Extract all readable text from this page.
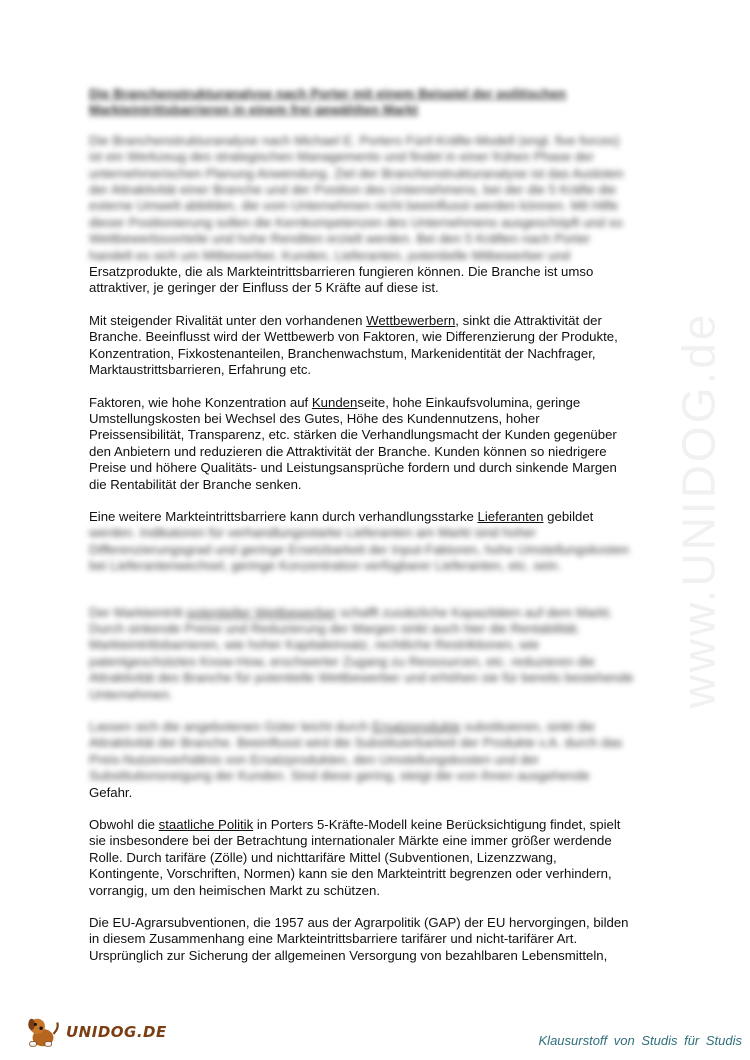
www.UNIDOG.de
Die Branchenstrukturanalyse nach Porter mit einem Beispiel der politischen Markteintrittsbarrieren in einem frei gewählten Markt
Die Branchenstrukturanalyse nach Michael E. Porters Fünf-Kräfte-Modell (engl. five forces) ist ein Werkzeug des strategischen Managements und findet in einer frühen Phase der unternehmerischen Planung Anwendung. Ziel der Branchenstrukturanalyse ist das Ausloten der Attraktivität einer Branche und der Position des Unternehmens, bei der die 5 Kräfte die externe Umwelt abbilden, die vom Unternehmen nicht beeinflusst werden können. Mit Hilfe dieser Positionierung sollen die Kernkompetenzen des Unternehmens ausgeschöpft und so Wettbewerbsvorteile und hohe Renditen erzielt werden. Bei den 5 Kräften nach Porter handelt es sich um Mitbewerber, Kunden, Lieferanten, potentielle Mitbewerber und
Ersatzprodukte, die als Markteintrittsbarrieren fungieren können. Die Branche ist umso attraktiver, je geringer der Einfluss der 5 Kräfte auf diese ist.
Mit steigender Rivalität unter den vorhandenen Wettbewerbern, sinkt die Attraktivität der Branche. Beeinflusst wird der Wettbewerb von Faktoren, wie Differenzierung der Produkte, Konzentration, Fixkostenanteilen, Branchenwachstum, Markenidentität der Nachfrager, Marktaustrittsbarrieren, Erfahrung etc.
Faktoren, wie hohe Konzentration auf Kundenseite, hohe Einkaufsvolumina, geringe Umstellungskosten bei Wechsel des Gutes, Höhe des Kundennutzens, hoher Preissensibilität, Transparenz, etc. stärken die Verhandlungsmacht der Kunden gegenüber den Anbietern und reduzieren die Attraktivität der Branche. Kunden können so niedrigere Preise und höhere Qualitäts- und Leistungsansprüche fordern und durch sinkende Margen die Rentabilität der Branche senken.
Eine weitere Markteintrittsbarriere kann durch verhandlungsstarke Lieferanten gebildet
werden. Indikatoren für verhandlungsstarke Lieferanten am Markt sind hoher Differenzierungsgrad und geringe Ersetzbarkeit der Input-Faktoren, hohe Umstellungskosten bei Lieferantenwechsel, geringe Konzentration verfügbarer Lieferanten, etc. sein.
Der Markteintritt potentieller Wettbewerber schafft zusätzliche Kapazitäten auf dem Markt. Durch sinkende Preise und Reduzierung der Margen sinkt auch hier die Rentabilität. Markteintrittsbarrieren, wie hoher Kapitaleinsatz, rechtliche Restriktionen, wie patentgeschütztes Know-How, erschwerter Zugang zu Ressourcen, etc. reduzieren die Attraktivität des Branche für potentielle Wettbewerber und erhöhen sie für bereits bestehende Unternehmen.
Lassen sich die angebotenen Güter leicht durch Ersatzprodukte substituieren, sinkt die Attraktivität der Branche. Beeinflusst wird die Substituierbarkeit der Produkte v.A. durch das Preis-Nutzenverhältnis von Ersatzprodukten, den Umstellungskosten und der Substitutionsneigung der Kunden. Sind diese gering, steigt die von ihnen ausgehende
Gefahr.
Obwohl die staatliche Politik in Porters 5-Kräfte-Modell keine Berücksichtigung findet, spielt sie insbesondere bei der Betrachtung internationaler Märkte eine immer größer werdende Rolle. Durch tarifäre (Zölle) und nichttarifäre Mittel (Subventionen, Lizenzzwang, Kontingente, Vorschriften, Normen) kann sie den Markteintritt begrenzen oder verhindern, vorrangig, um den heimischen Markt zu schützen.
Die EU-Agrarsubventionen, die 1957 aus der Agrarpolitik (GAP) der EU hervorgingen, bilden in diesem Zusammenhang eine Markteintrittsbarriere tarifärer und nicht-tarifärer Art. Ursprünglich zur Sicherung der allgemeinen Versorgung von bezahlbaren Lebensmitteln,
UNIDOG.DE	Klausurstoff von Studis für Studis
